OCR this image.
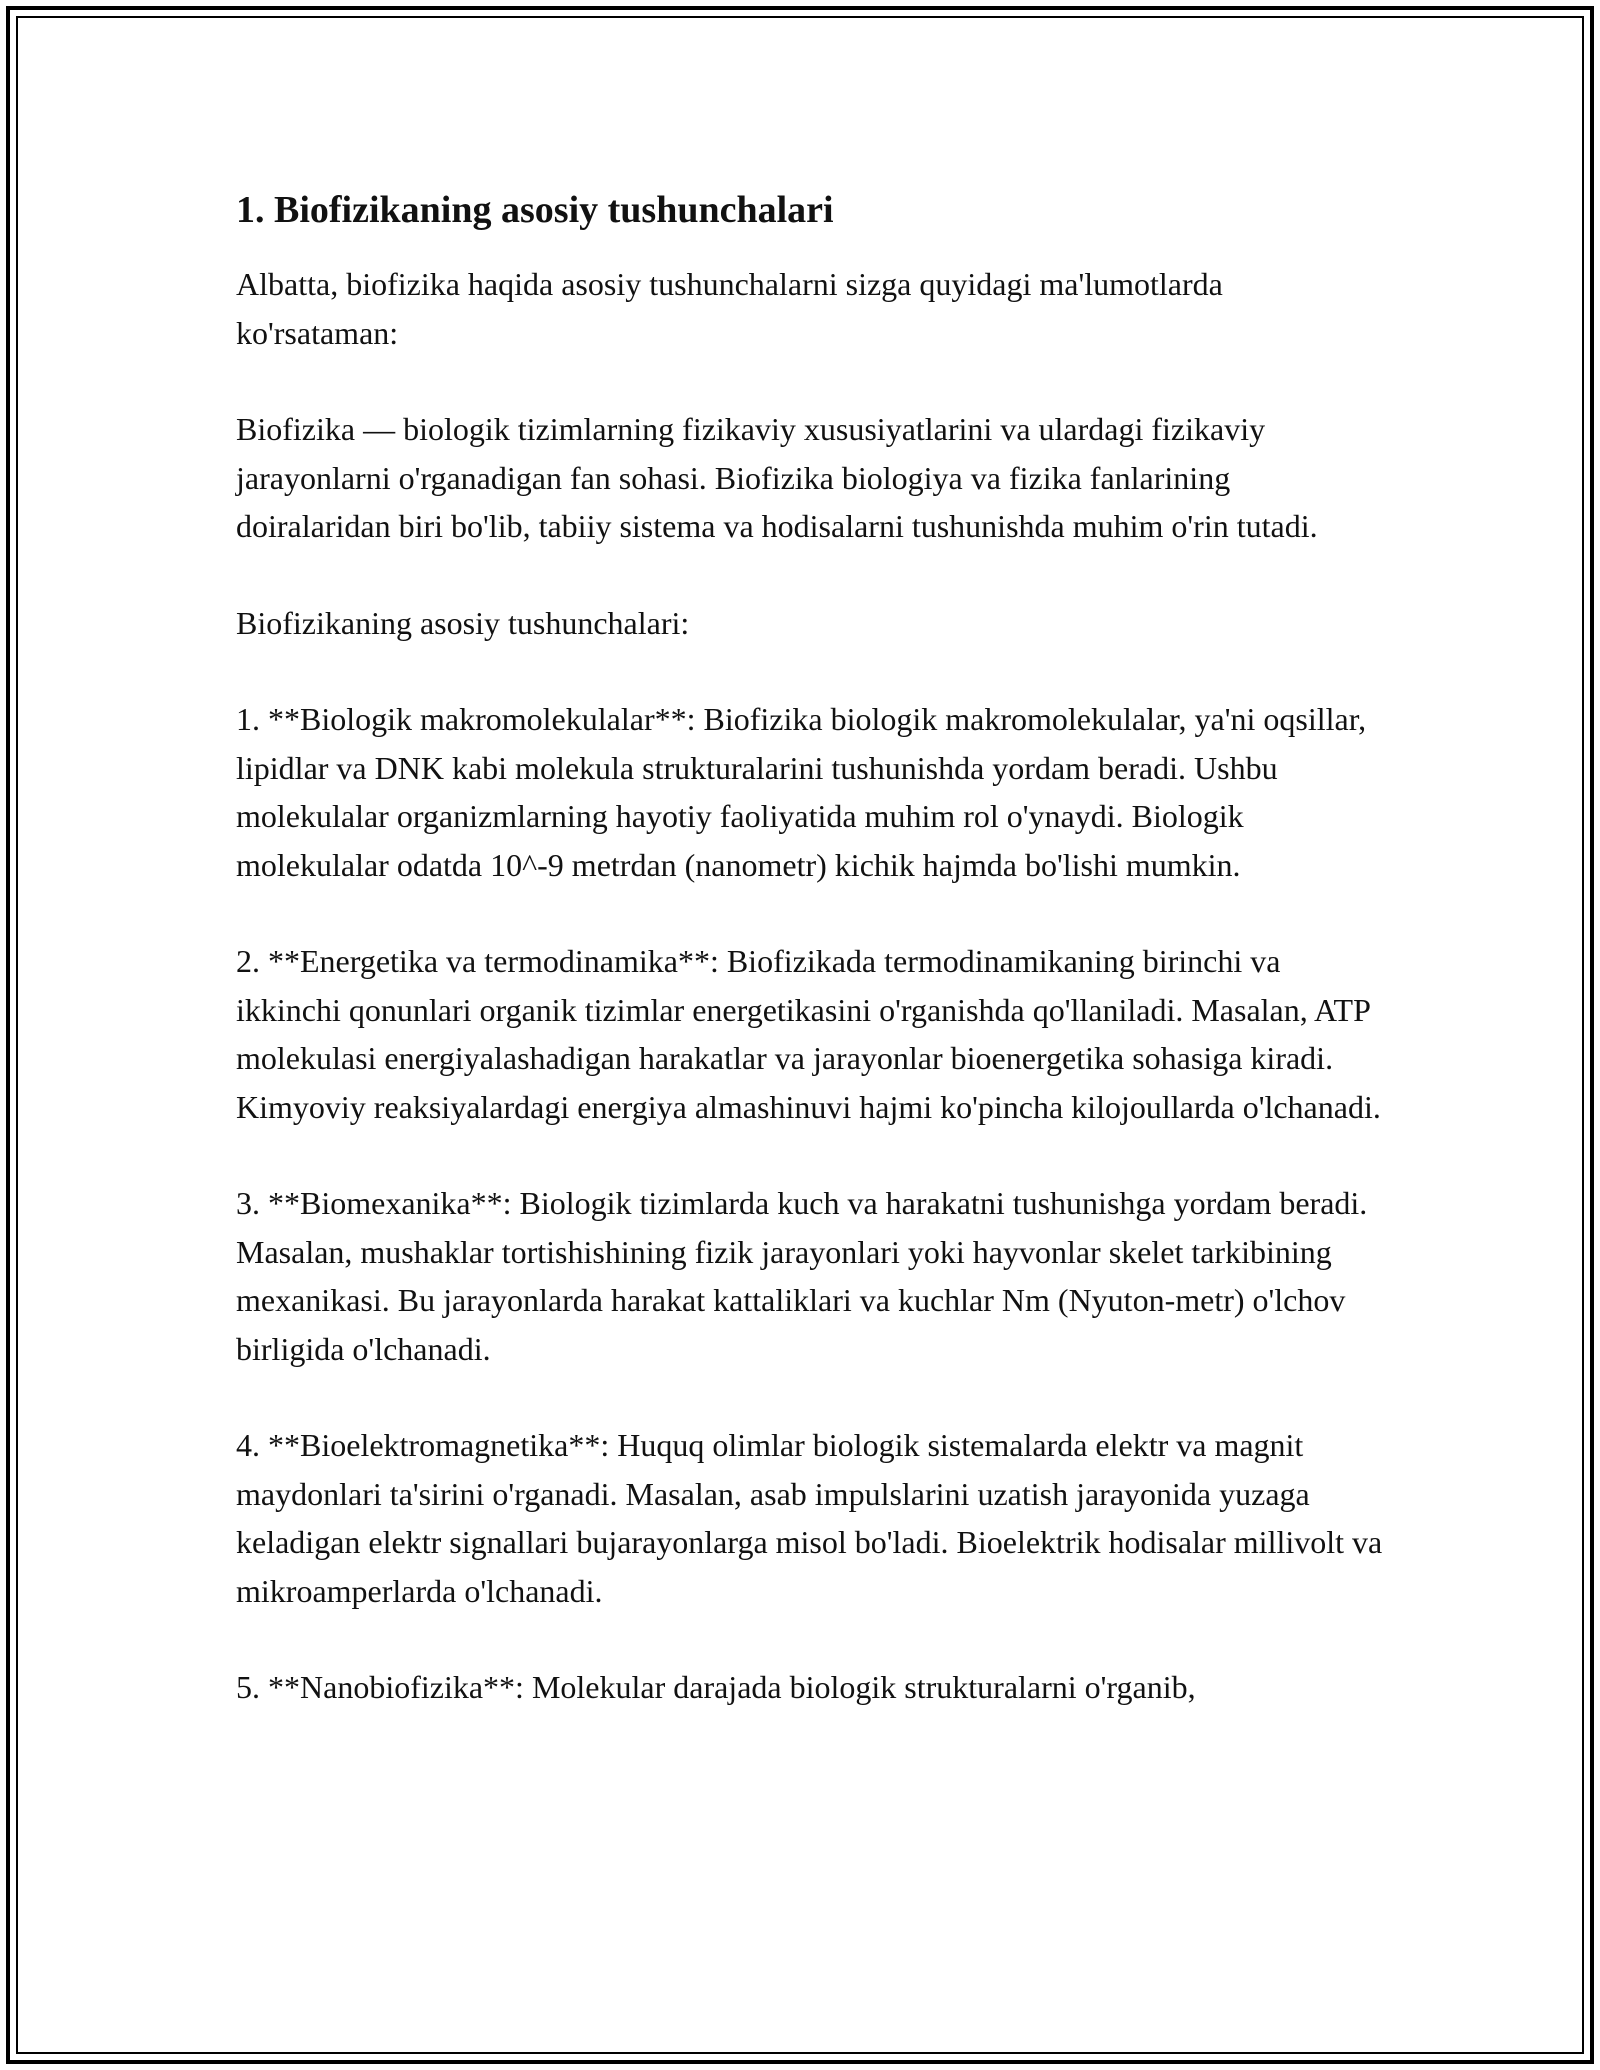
1. Biofizikaning asosiy tushunchalari

Albatta, biofizika haqida asosiy tushunchalarni sizga quyidagi ma'lumotlarda ko'rsataman:

Biofizika — biologik tizimlarning fizikaviy xususiyatlarini va ulardagi fizikaviy jarayonlarni o'rganadigan fan sohasi. Biofizika biologiya va fizika fanlarining doiralaridan biri bo'lib, tabiiy sistema va hodisalarni tushunishda muhim o'rin tutadi.

Biofizikaning asosiy tushunchalari:

1. **Biologik makromolekulalar**: Biofizika biologik makromolekulalar, ya'ni oqsillar, lipidlar va DNK kabi molekula strukturalarini tushunishda yordam beradi. Ushbu molekulalar organizmlarning hayotiy faoliyatida muhim rol o'ynaydi. Biologik molekulalar odatda 10^-9 metrdan (nanometr) kichik hajmda bo'lishi mumkin.

2. **Energetika va termodinamika**: Biofizikada termodinamikaning birinchi va ikkinchi qonunlari organik tizimlar energetikasini o'rganishda qo'llaniladi. Masalan, ATP molekulasi energiyalashadigan harakatlar va jarayonlar bioenergetika sohasiga kiradi. Kimyoviy reaksiyalardagi energiya almashinuvi hajmi ko'pincha kilojoullarda o'lchanadi.

3. **Biomexanika**: Biologik tizimlarda kuch va harakatni tushunishga yordam beradi. Masalan, mushaklar tortishishining fizik jarayonlari yoki hayvonlar skelet tarkibining mexanikasi. Bu jarayonlarda harakat kattaliklari va kuchlar Nm (Nyuton-metr) o'lchov birligida o'lchanadi.

4. **Bioelektromagnetika**: Huquq olimlar biologik sistemalarda elektr va magnit maydonlari ta'sirini o'rganadi. Masalan, asab impulslarini uzatish jarayonida yuzaga keladigan elektr signallari bujarayonlarga misol bo'ladi. Bioelektrik hodisalar millivolt va mikroamperlarda o'lchanadi.

5. **Nanobiofizika**: Molekular darajada biologik strukturalarni o'rganib,
